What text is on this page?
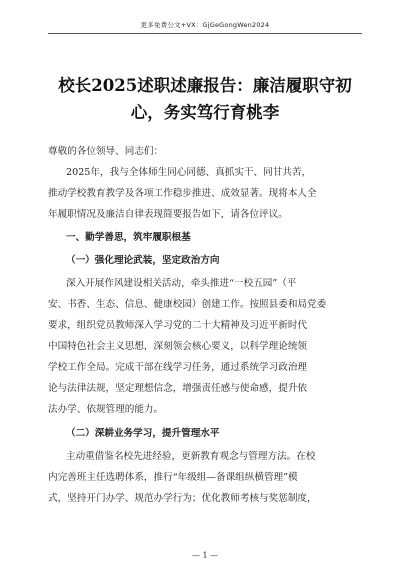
更多免费公文+VX：GjGeGongWen2024
校长2025述职述廉报告：廉洁履职守初
心，务实笃行育桃李
尊敬的各位领导、同志们：
2025年，我与全体师生同心同德、真抓实干、同甘共苦，
推动学校教育教学及各项工作稳步推进、成效显著。现将本人全
年履职情况及廉洁自律表现简要报告如下，请各位评议。
一、勤学善思，筑牢履职根基
（一）强化理论武装，坚定政治方向
深入开展作风建设相关活动，牵头推进“一校五园”（平
安、书香、生态、信息、健康校园）创建工作。按照县委和局党委
要求，组织党员教师深入学习党的二十大精神及习近平新时代
中国特色社会主义思想，深刻领会核心要义，以科学理论统领
学校工作全局。完成干部在线学习任务，通过系统学习政治理
论与法律法规，坚定理想信念，增强责任感与使命感，提升依
法办学、依规管理的能力。
（二）深耕业务学习，提升管理水平
主动重借鉴名校先进经验，更新教育观念与管理方法。在校
内完善班主任选聘体系，推行“年级组—备课组纵横管理”模
式，坚持开门办学、规范办学行为；优化教师考核与奖惩制度，
— 1 —
